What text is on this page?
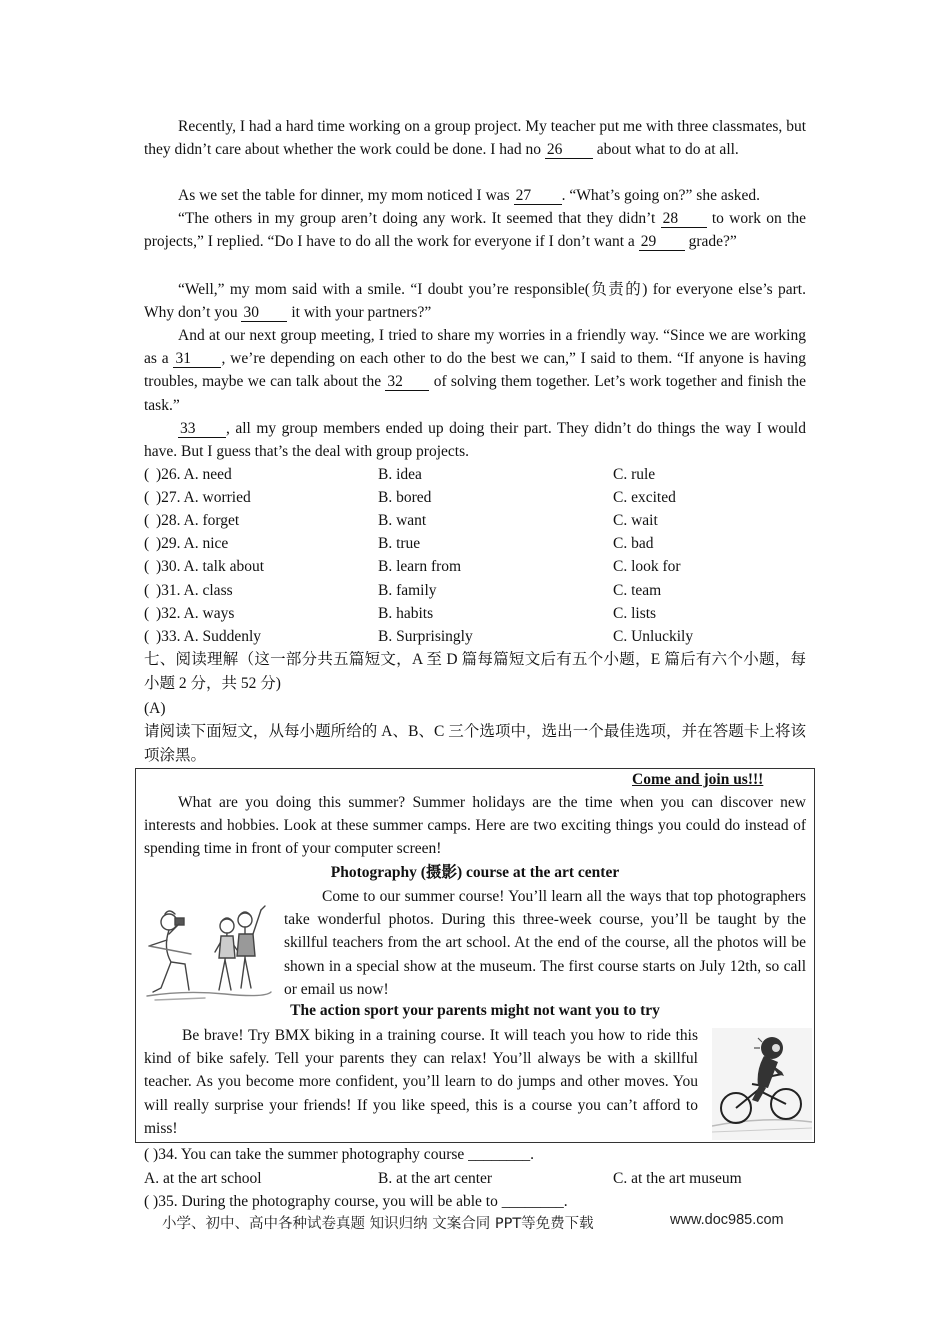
Recently, I had a hard time working on a group project. My teacher put me with three classmates, but they didn’t care about whether the work could be done. I had no 26 about what to do at all.
As we set the table for dinner, my mom noticed I was 27 . “What’s going on?” she asked.
“The others in my group aren’t doing any work. It seemed that they didn’t 28 to work on the projects,” I replied. “Do I have to do all the work for everyone if I don’t want a 29 grade?”
“Well,” my mom said with a smile. “I doubt you’re responsible(负责的) for everyone else’s part. Why don’t you 30 it with your partners?”
And at our next group meeting, I tried to share my worries in a friendly way. “Since we are working as a 31 , we’re depending on each other to do the best we can,” I said to them. “If anyone is having troubles, maybe we can talk about the 32 of solving them together. Let’s work together and finish the task.”
33 , all my group members ended up doing their part. They didn’t do things the way I would have. But I guess that’s the deal with group projects.
( )26. A. need	B. idea	C. rule
( )27. A. worried	B. bored	C. excited
( )28. A. forget	B. want	C. wait
( )29. A. nice	B. true	C. bad
( )30. A. talk about	B. learn from	C. look for
( )31. A. class	B. family	C. team
( )32. A. ways	B. habits	C. lists
( )33. A. Suddenly	B. Surprisingly	C. Unluckily
七、阅读理解（这一部分共五篇短文，A 至 D 篇每篇短文后有五个小题，E 篇后有六个小题，每小题 2 分，共 52 分)
(A)
请阅读下面短文，从每小题所给的 A、B、C 三个选项中，选出一个最佳选项，并在答题卡上将该项涂黑。
Come and join us!!!
What are you doing this summer? Summer holidays are the time when you can discover new interests and hobbies. Look at these summer camps. Here are two exciting things you could do instead of spending time in front of your computer screen!
Photography (摄影) course at the art center
Come to our summer course! You’ll learn all the ways that top photographers take wonderful photos. During this three-week course, you’ll be taught by the skillful teachers from the art school. At the end of the course, all the photos will be shown in a special show at the museum. The first course starts on July 12th, so call or email us now!
The action sport your parents might not want you to try
Be brave! Try BMX biking in a training course. It will teach you how to ride this kind of bike safely. Tell your parents they can relax! You’ll always be with a skillful teacher. As you become more confident, you’ll learn to do jumps and other moves. You will really surprise your friends! If you like speed, this is a course you can’t afford to miss!
( )34. You can take the summer photography course ________.
A. at the art school	B. at the art center	C. at the art museum
( )35. During the photography course, you will be able to ________.
小学、初中、高中各种试卷真题 知识归纳 文案合同 PPT等免费下载	www.doc985.com
